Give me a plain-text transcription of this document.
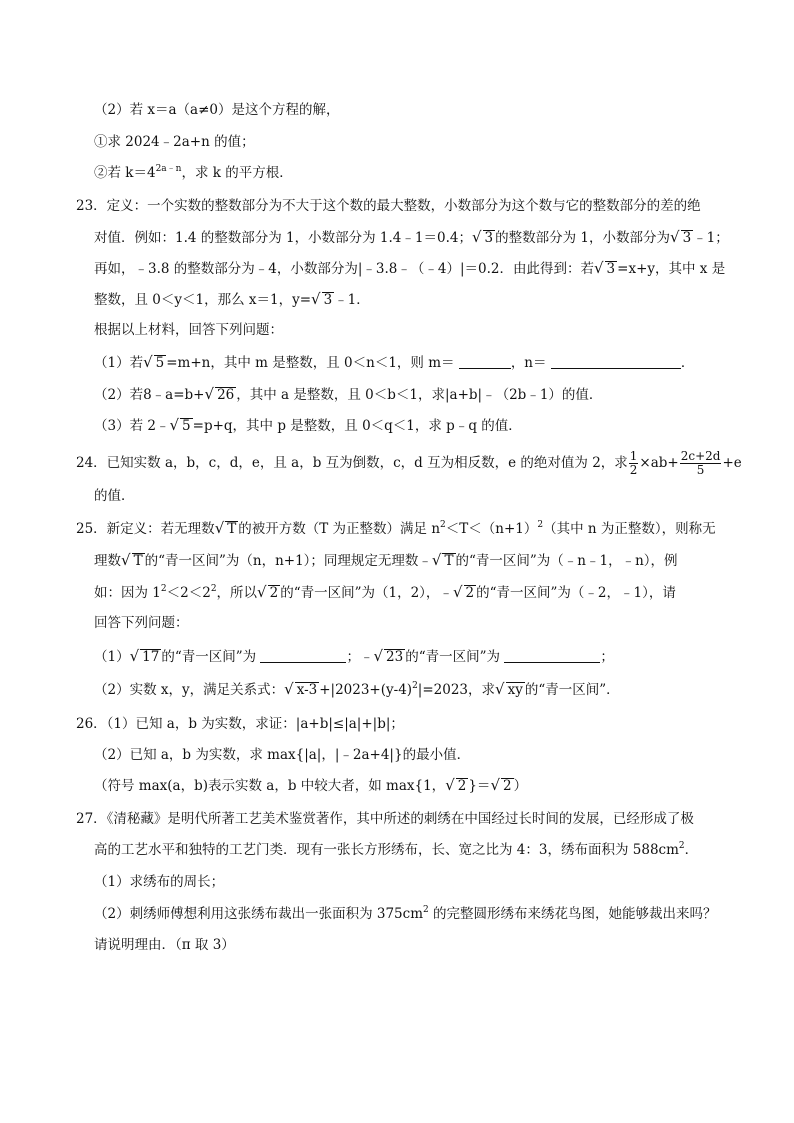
（2）若 x＝a（a≠0）是这个方程的解，
①求 2024﹣2a+n 的值；
②若 $k=4^{2a﹣n}$，求 k 的平方根．
23．定义：一个实数的整数部分为不大于这个数的最大整数，小数部分为这个数与它的整数部分的差的绝
对值．例如：1.4 的整数部分为 1，小数部分为 1.4﹣1＝0.4；√ 3 的整数部分为 1，小数部分为√ 3 ﹣1；
再如，﹣3.8 的整数部分为﹣4，小数部分为|﹣3.8﹣（﹣4）|＝0.2．由此得到：若√ 3 =x+y，其中 x 是
整数，且 0＜y＜1，那么 x＝1，y=√ 3 ﹣1．
根据以上材料，回答下列问题：
（1）若√ 5 =m+n，其中 m 是整数，且 0＜n＜1，则 m＝	，n＝	．
（2）若8﹣a=b+√ 26 ，其中 a 是整数，且 0＜b＜1，求|a+b|﹣（2b﹣1）的值．
（3）若 2﹣√ 5 =p+q，其中 p 是整数，且 0＜q＜1，求 p﹣q 的值．
24．已知实数 a，b，c，d，e，且 a，b 互为倒数，c，d 互为相反数，e 的绝对值为 2，求 $\frac{1}{2} \times ab+ \frac{2c+2d}{5} +e$
的值．
25．新定义：若无理数√ T 的被开方数（T 为正整数）满足 $n^2<T<(n+1)^2$（其中 n 为正整数），则称无
理数√ T 的“青一区间”为（n，n+1）；同理规定无理数﹣√ T 的“青一区间”为（﹣n﹣1，﹣n），例
如：因为 $1^2<2<2^2$，所以√ 2 的“青一区间”为（1，2），﹣√ 2 的“青一区间”为（﹣2，﹣1），请
回答下列问题：
（1）√ 17 的“青一区间”为	；﹣√ 23 的“青一区间”为	；
（2）实数 x，y，满足关系式：√ $x-3 +|2023+(y-4)^2|=2023$，求√ xy 的“青一区间”．
26．（1）已知 a，b 为实数，求证：|a+b|≤|a|+|b|；
（2）已知 a，b 为实数，求 max{|a|，|﹣2a+4|}的最小值．
（符号 max(a，b)表示实数 a，b 中较大者，如 max{1，√ 2 }＝√ 2 ）
27．《清秘藏》是明代所著工艺美术鉴赏著作，其中所述的刺绣在中国经过长时间的发展，已经形成了极
高的工艺水平和独特的工艺门类．现有一张长方形绣布，长、宽之比为 4：3，绣布面积为 $588cm^2$．
（1）求绣布的周长；
（2）刺绣师傅想利用这张绣布裁出一张面积为 $375cm^2$ 的完整圆形绣布来绣花鸟图，她能够裁出来吗？
请说明理由．（π 取 3）
